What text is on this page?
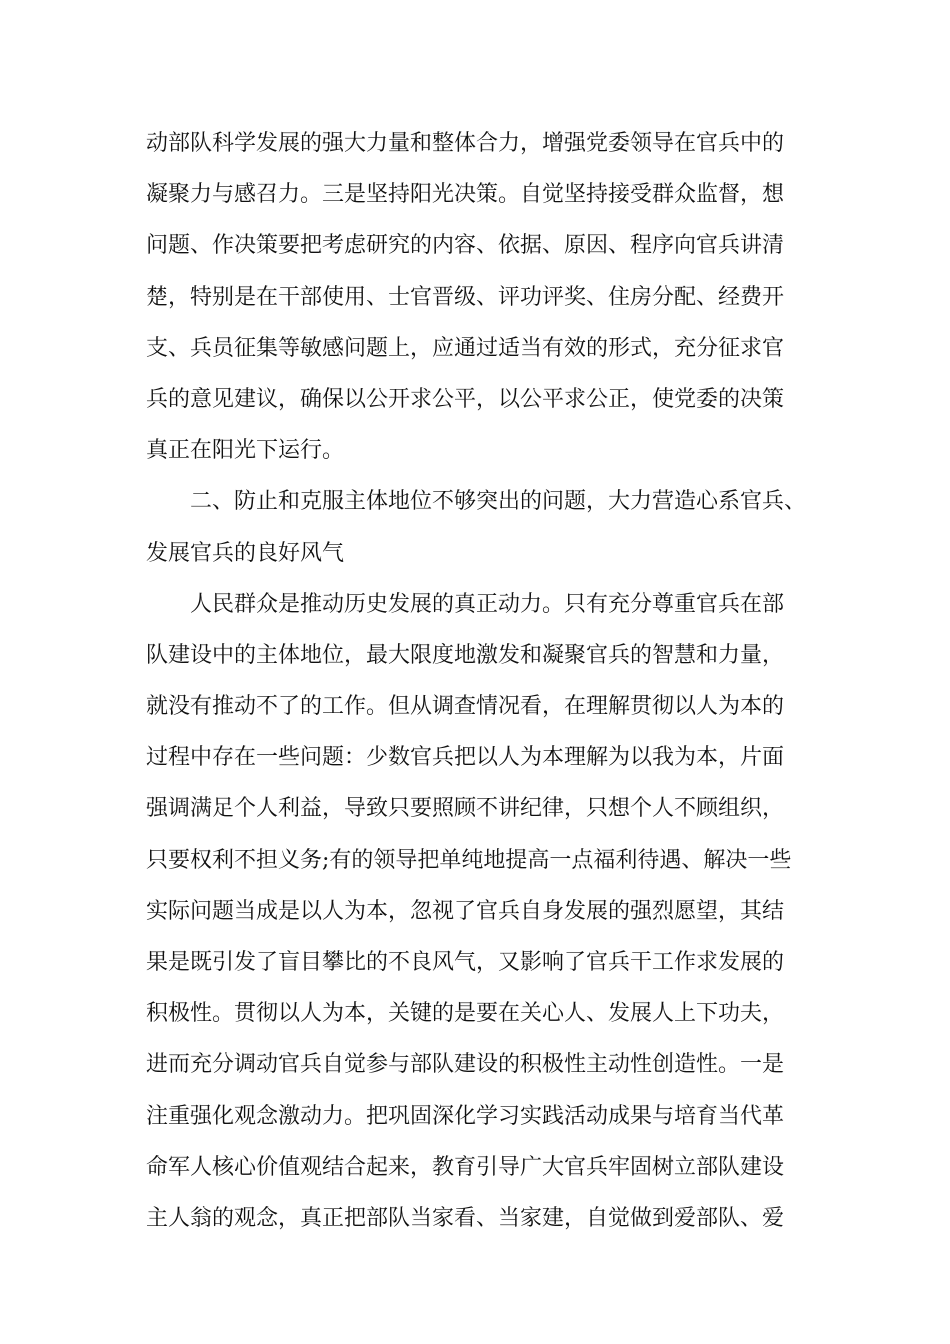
动部队科学发展的强大力量和整体合力，增强党委领导在官兵中的
凝聚力与感召力。三是坚持阳光决策。自觉坚持接受群众监督，想
问题、作决策要把考虑研究的内容、依据、原因、程序向官兵讲清
楚，特别是在干部使用、士官晋级、评功评奖、住房分配、经费开
支、兵员征集等敏感问题上，应通过适当有效的形式，充分征求官
兵的意见建议，确保以公开求公平，以公平求公正，使党委的决策
真正在阳光下运行。
二、防止和克服主体地位不够突出的问题，大力营造心系官兵、
发展官兵的良好风气
人民群众是推动历史发展的真正动力。只有充分尊重官兵在部
队建设中的主体地位，最大限度地激发和凝聚官兵的智慧和力量，
就没有推动不了的工作。但从调查情况看，在理解贯彻以人为本的
过程中存在一些问题：少数官兵把以人为本理解为以我为本，片面
强调满足个人利益，导致只要照顾不讲纪律，只想个人不顾组织，
只要权利不担义务;有的领导把单纯地提高一点福利待遇、解决一些
实际问题当成是以人为本，忽视了官兵自身发展的强烈愿望，其结
果是既引发了盲目攀比的不良风气，又影响了官兵干工作求发展的
积极性。贯彻以人为本，关键的是要在关心人、发展人上下功夫，
进而充分调动官兵自觉参与部队建设的积极性主动性创造性。一是
注重强化观念激动力。把巩固深化学习实践活动成果与培育当代革
命军人核心价值观结合起来，教育引导广大官兵牢固树立部队建设
主人翁的观念，真正把部队当家看、当家建，自觉做到爱部队、爱
